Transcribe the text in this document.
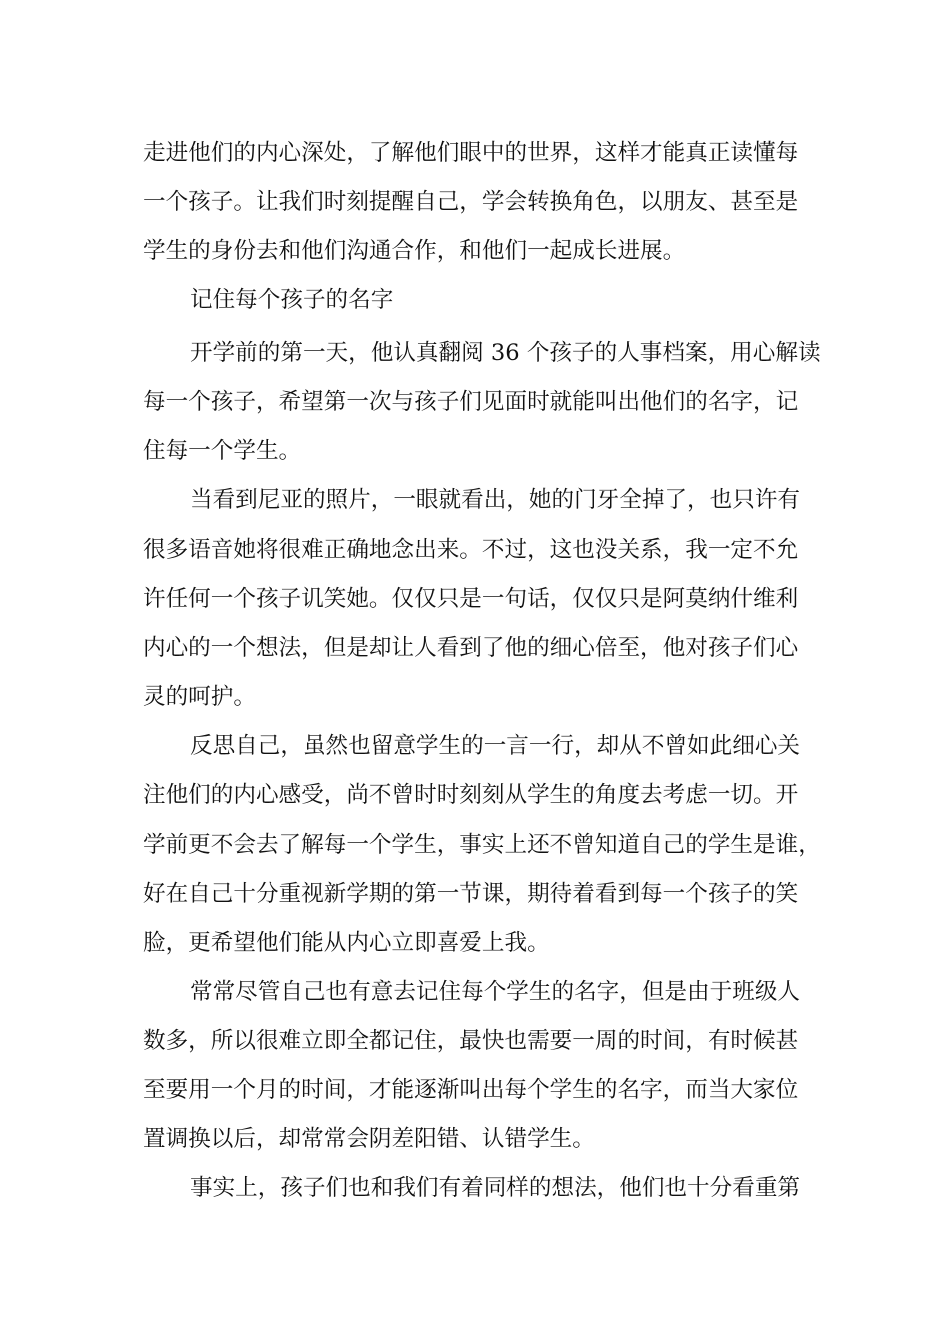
走进他们的内心深处，了解他们眼中的世界，这样才能真正读懂每

一个孩子。让我们时刻提醒自己，学会转换角色，以朋友、甚至是

学生的身份去和他们沟通合作，和他们一起成长进展。

记住每个孩子的名字

开学前的第一天，他认真翻阅 36 个孩子的人事档案，用心解读

每一个孩子，希望第一次与孩子们见面时就能叫出他们的名字，记

住每一个学生。

当看到尼亚的照片，一眼就看出，她的门牙全掉了，也只许有

很多语音她将很难正确地念出来。不过，这也没关系，我一定不允

许任何一个孩子讥笑她。仅仅只是一句话，仅仅只是阿莫纳什维利

内心的一个想法，但是却让人看到了他的细心倍至，他对孩子们心

灵的呵护。

反思自己，虽然也留意学生的一言一行，却从不曾如此细心关

注他们的内心感受，尚不曾时时刻刻从学生的角度去考虑一切。开

学前更不会去了解每一个学生，事实上还不曾知道自己的学生是谁，

好在自己十分重视新学期的第一节课，期待着看到每一个孩子的笑

脸，更希望他们能从内心立即喜爱上我。

常常尽管自己也有意去记住每个学生的名字，但是由于班级人

数多，所以很难立即全都记住，最快也需要一周的时间，有时候甚

至要用一个月的时间，才能逐渐叫出每个学生的名字，而当大家位

置调换以后，却常常会阴差阳错、认错学生。

事实上，孩子们也和我们有着同样的想法，他们也十分看重第
